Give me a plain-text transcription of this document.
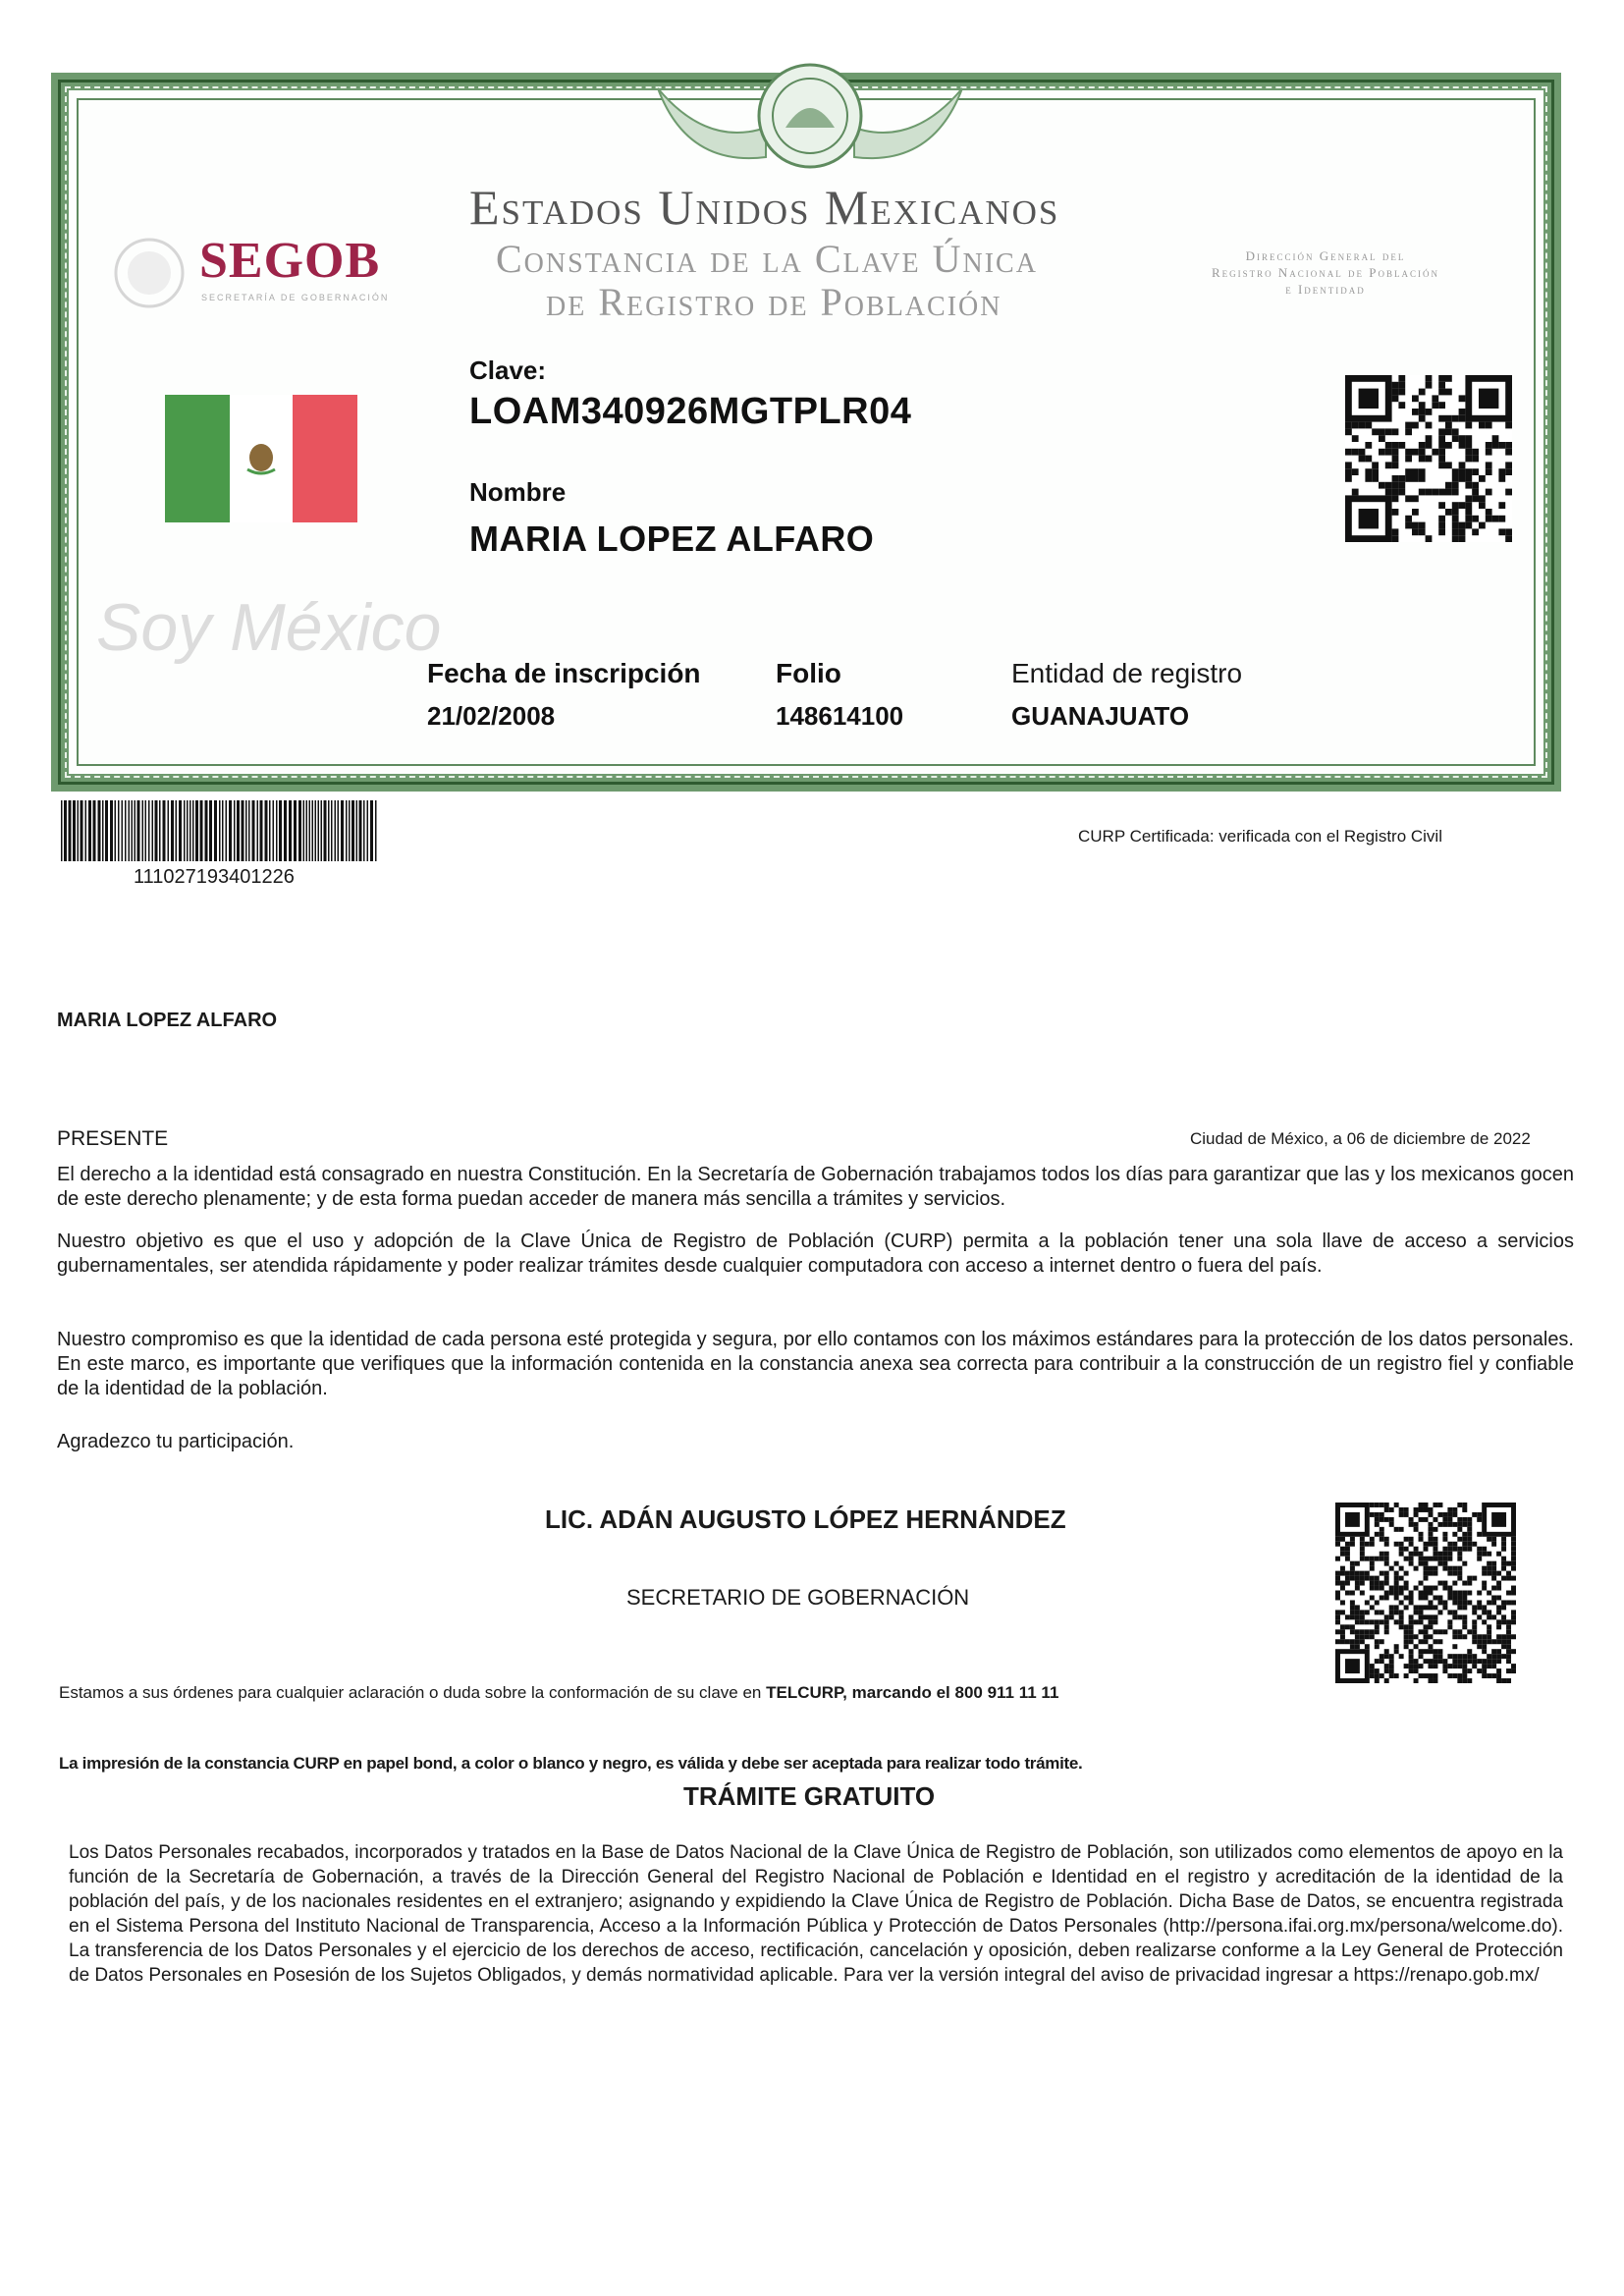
SEGOB
SECRETARÍA DE GOBERNACIÓN
Estados Unidos Mexicanos
Constancia de la Clave Única
de Registro de Población
Dirección General del
Registro Nacional de Población
e Identidad
Clave:
LOAM340926MGTPLR04
Nombre
MARIA LOPEZ ALFARO
Soy México
Fecha de inscripción
21/02/2008
Folio
148614100
Entidad de registro
GUANAJUATO
111027193401226
CURP Certificada: verificada con el Registro Civil
MARIA LOPEZ ALFARO
PRESENTE	Ciudad de México, a 06 de diciembre de 2022
El derecho a la identidad está consagrado en nuestra Constitución. En la Secretaría de Gobernación trabajamos todos los días para garantizar que las y los mexicanos gocen de este derecho plenamente; y de esta forma puedan acceder de manera más sencilla a trámites y servicios.
Nuestro objetivo es que el uso y adopción de la Clave Única de Registro de Población (CURP) permita a la población tener una sola llave de acceso a servicios gubernamentales, ser atendida rápidamente y poder realizar trámites desde cualquier computadora con acceso a internet dentro o fuera del país.
Nuestro compromiso es que la identidad de cada persona esté protegida y segura, por ello contamos con los máximos estándares para la protección de los datos personales. En este marco, es importante que verifiques que la información contenida en la constancia anexa sea correcta para contribuir a la construcción de un registro fiel y confiable de la identidad de la población.
Agradezco tu participación.
LIC. ADÁN AUGUSTO LÓPEZ HERNÁNDEZ
SECRETARIO DE GOBERNACIÓN
Estamos a sus órdenes para cualquier aclaración o duda sobre la conformación de su clave en TELCURP, marcando el 800 911 11 11
La impresión de la constancia CURP en papel bond, a color o blanco y negro, es válida y debe ser aceptada para realizar todo trámite.
TRÁMITE GRATUITO
Los Datos Personales recabados, incorporados y tratados en la Base de Datos Nacional de la Clave Única de Registro de Población, son utilizados como elementos de apoyo en la función de la Secretaría de Gobernación, a través de la Dirección General del Registro Nacional de Población e Identidad en el registro y acreditación de la identidad de la población del país, y de los nacionales residentes en el extranjero; asignando y expidiendo la Clave Única de Registro de Población. Dicha Base de Datos, se encuentra registrada en el Sistema Persona del Instituto Nacional de Transparencia, Acceso a la Información Pública y Protección de Datos Personales (http://persona.ifai.org.mx/persona/welcome.do). La transferencia de los Datos Personales y el ejercicio de los derechos de acceso, rectificación, cancelación y oposición, deben realizarse conforme a la Ley General de Protección de Datos Personales en Posesión de los Sujetos Obligados, y demás normatividad aplicable. Para ver la versión integral del aviso de privacidad ingresar a https://renapo.gob.mx/
